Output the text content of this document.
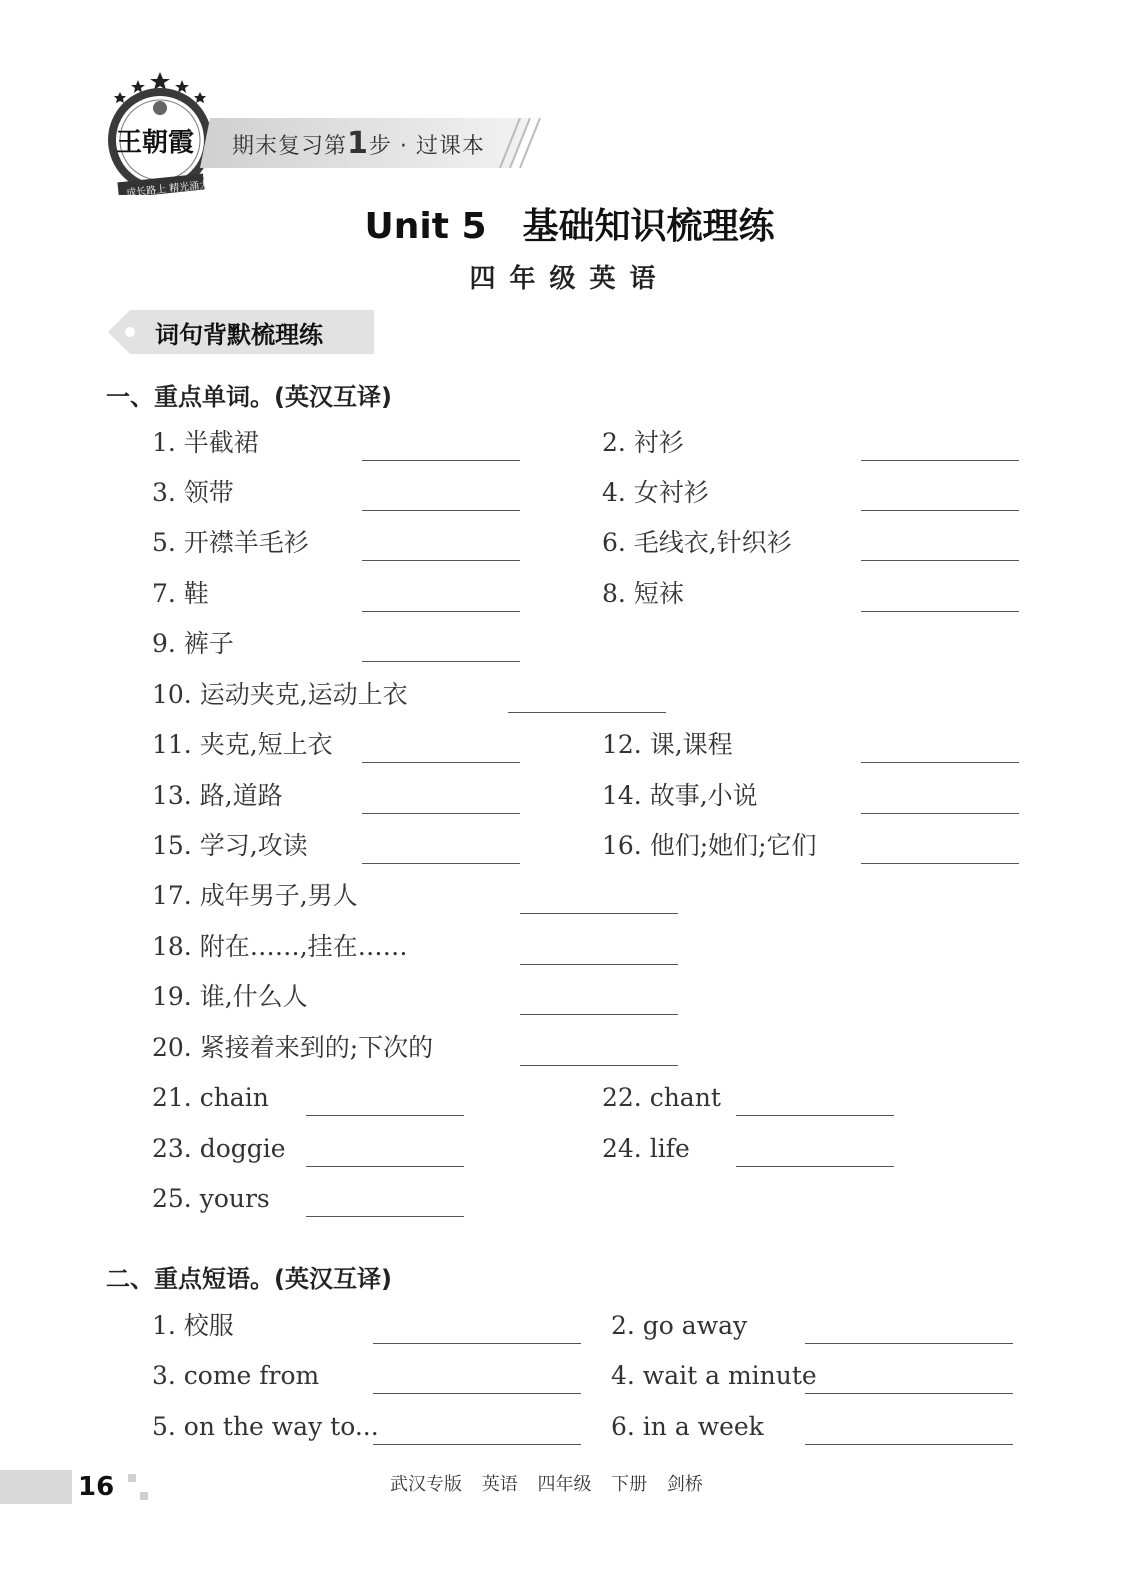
王朝霞
成长路上 精光涌大
期末复习第1步 · 过课本
Unit 5　基础知识梳理练
四年级英语
词句背默梳理练
一、重点单词。(英汉互译)
1. 半截裙	2. 衬衫
3. 领带	4. 女衬衫
5. 开襟羊毛衫	6. 毛线衣,针织衫
7. 鞋	8. 短袜
9. 裤子
10. 运动夹克,运动上衣
11. 夹克,短上衣	12. 课,课程
13. 路,道路	14. 故事,小说
15. 学习,攻读	16. 他们;她们;它们
17. 成年男子,男人
18. 附在……,挂在……
19. 谁,什么人
20. 紧接着来到的;下次的
21. chain	22. chant
23. doggie	24. life
25. yours
二、重点短语。(英汉互译)
1. 校服	2. go away
3. come from	4. wait a minute
5. on the way to...	6. in a week
16	武汉专版 英语 四年级 下册 剑桥
